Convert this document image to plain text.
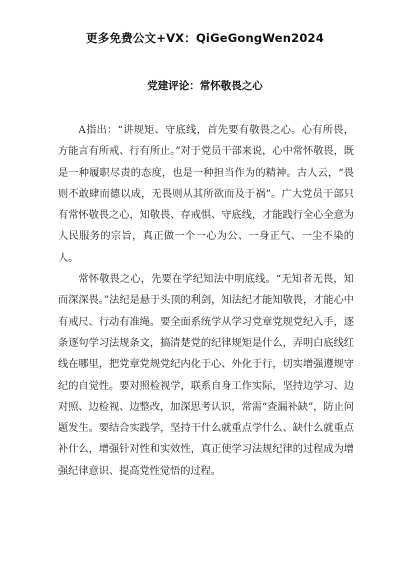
更多免费公文+VX：QiGeGongWen2024
党建评论：常怀敬畏之心

A指出：“讲规矩、守底线，首先要有敬畏之心。心有所畏，方能言有所戒、行有所止。”对于党员干部来说，心中常怀敬畏，既是一种履职尽责的态度，也是一种担当作为的精神。古人云，“畏则不敢肆而德以成，无畏则从其所欲而及于祸”。广大党员干部只有常怀敬畏之心，知敬畏、存戒惧、守底线，才能践行全心全意为人民服务的宗旨，真正做一个一心为公、一身正气、一尘不染的人。

常怀敬畏之心，先要在学纪知法中明底线。“无知者无畏，知而深深畏。”法纪是悬于头顶的利剑，知法纪才能知敬畏，才能心中有戒尺、行动有准绳。要全面系统学从学习党章党规党纪入手，逐条逐句学习法规条文，搞清楚党的纪律规矩是什么，弄明白底线红线在哪里，把党章党规党纪内化于心、外化于行，切实增强遵规守纪的自觉性。要对照检视学，联系自身工作实际，坚持边学习、边对照、边检视、边整改，加深思考认识，常需“查漏补缺”，防止问题发生。要结合实践学，坚持干什么就重点学什么、缺什么就重点补什么，增强针对性和实效性，真正使学习法规纪律的过程成为增强纪律意识、提高党性觉悟的过程。
